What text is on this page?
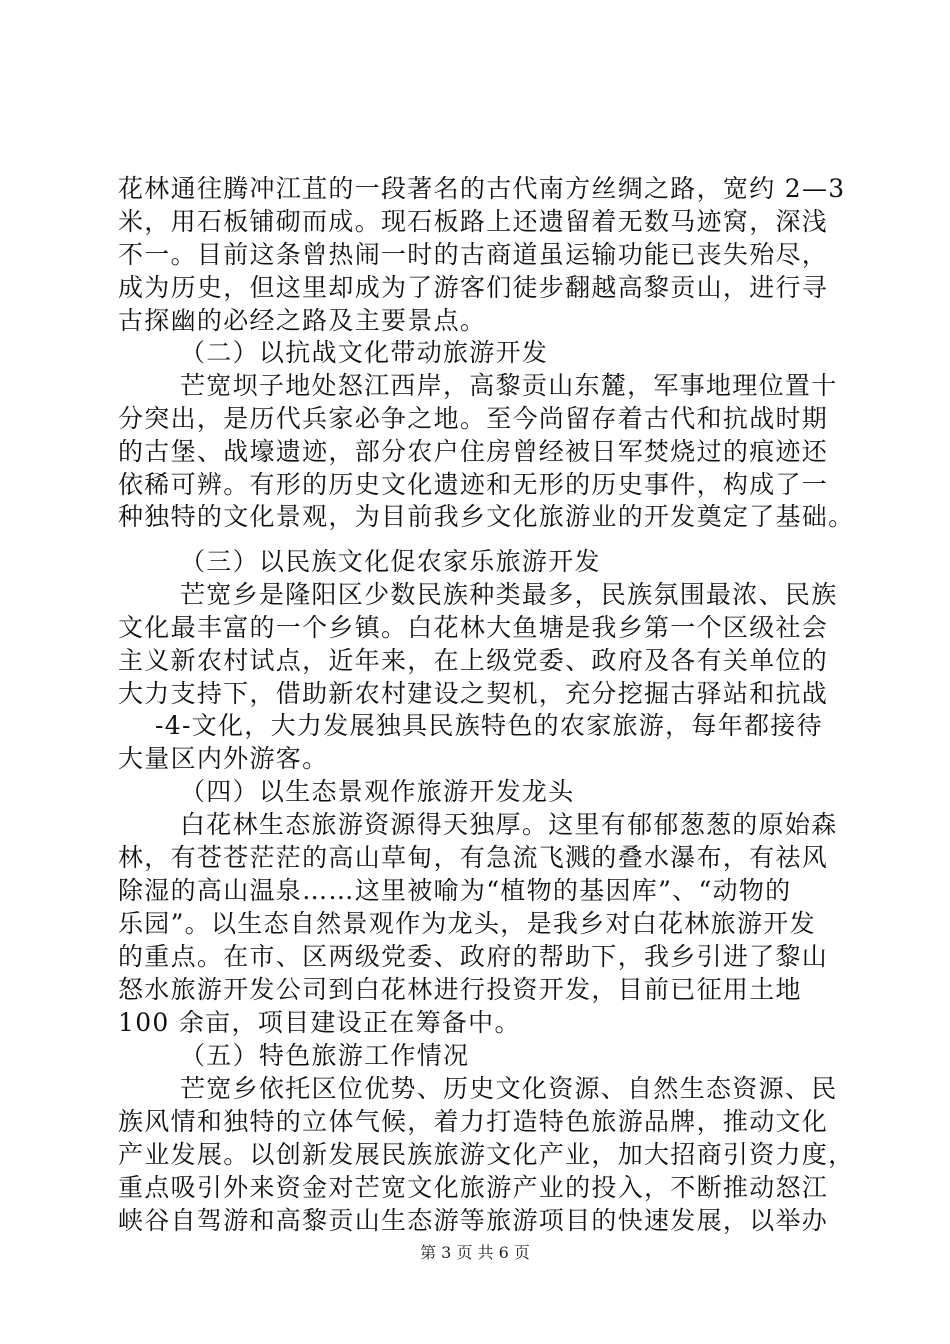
花林通往腾冲江苴的一段著名的古代南方丝绸之路，宽约 2—3
米，用石板铺砌而成。现石板路上还遗留着无数马迹窝，深浅
不一。目前这条曾热闹一时的古商道虽运输功能已丧失殆尽，
成为历史，但这里却成为了游客们徒步翻越高黎贡山，进行寻
古探幽的必经之路及主要景点。
（二）以抗战文化带动旅游开发
芒宽坝子地处怒江西岸，高黎贡山东麓，军事地理位置十
分突出，是历代兵家必争之地。至今尚留存着古代和抗战时期
的古堡、战壕遗迹，部分农户住房曾经被日军焚烧过的痕迹还
依稀可辨。有形的历史文化遗迹和无形的历史事件，构成了一
种独特的文化景观，为目前我乡文化旅游业的开发奠定了基础。
（三）以民族文化促农家乐旅游开发
芒宽乡是隆阳区少数民族种类最多，民族氛围最浓、民族
文化最丰富的一个乡镇。白花林大鱼塘是我乡第一个区级社会
主义新农村试点，近年来，在上级党委、政府及各有关单位的
大力支持下，借助新农村建设之契机，充分挖掘古驿站和抗战
-4-文化，大力发展独具民族特色的农家旅游，每年都接待
大量区内外游客。
（四）以生态景观作旅游开发龙头
白花林生态旅游资源得天独厚。这里有郁郁葱葱的原始森
林，有苍苍茫茫的高山草甸，有急流飞溅的叠水瀑布，有祛风
除湿的高山温泉……这里被喻为“植物的基因库”、“动物的
乐园”。以生态自然景观作为龙头，是我乡对白花林旅游开发
的重点。在市、区两级党委、政府的帮助下，我乡引进了黎山
怒水旅游开发公司到白花林进行投资开发，目前已征用土地
100 余亩，项目建设正在筹备中。
（五）特色旅游工作情况
芒宽乡依托区位优势、历史文化资源、自然生态资源、民
族风情和独特的立体气候，着力打造特色旅游品牌，推动文化
产业发展。以创新发展民族旅游文化产业，加大招商引资力度，
重点吸引外来资金对芒宽文化旅游产业的投入，不断推动怒江
峡谷自驾游和高黎贡山生态游等旅游项目的快速发展，以举办
第 3 页 共 6 页
